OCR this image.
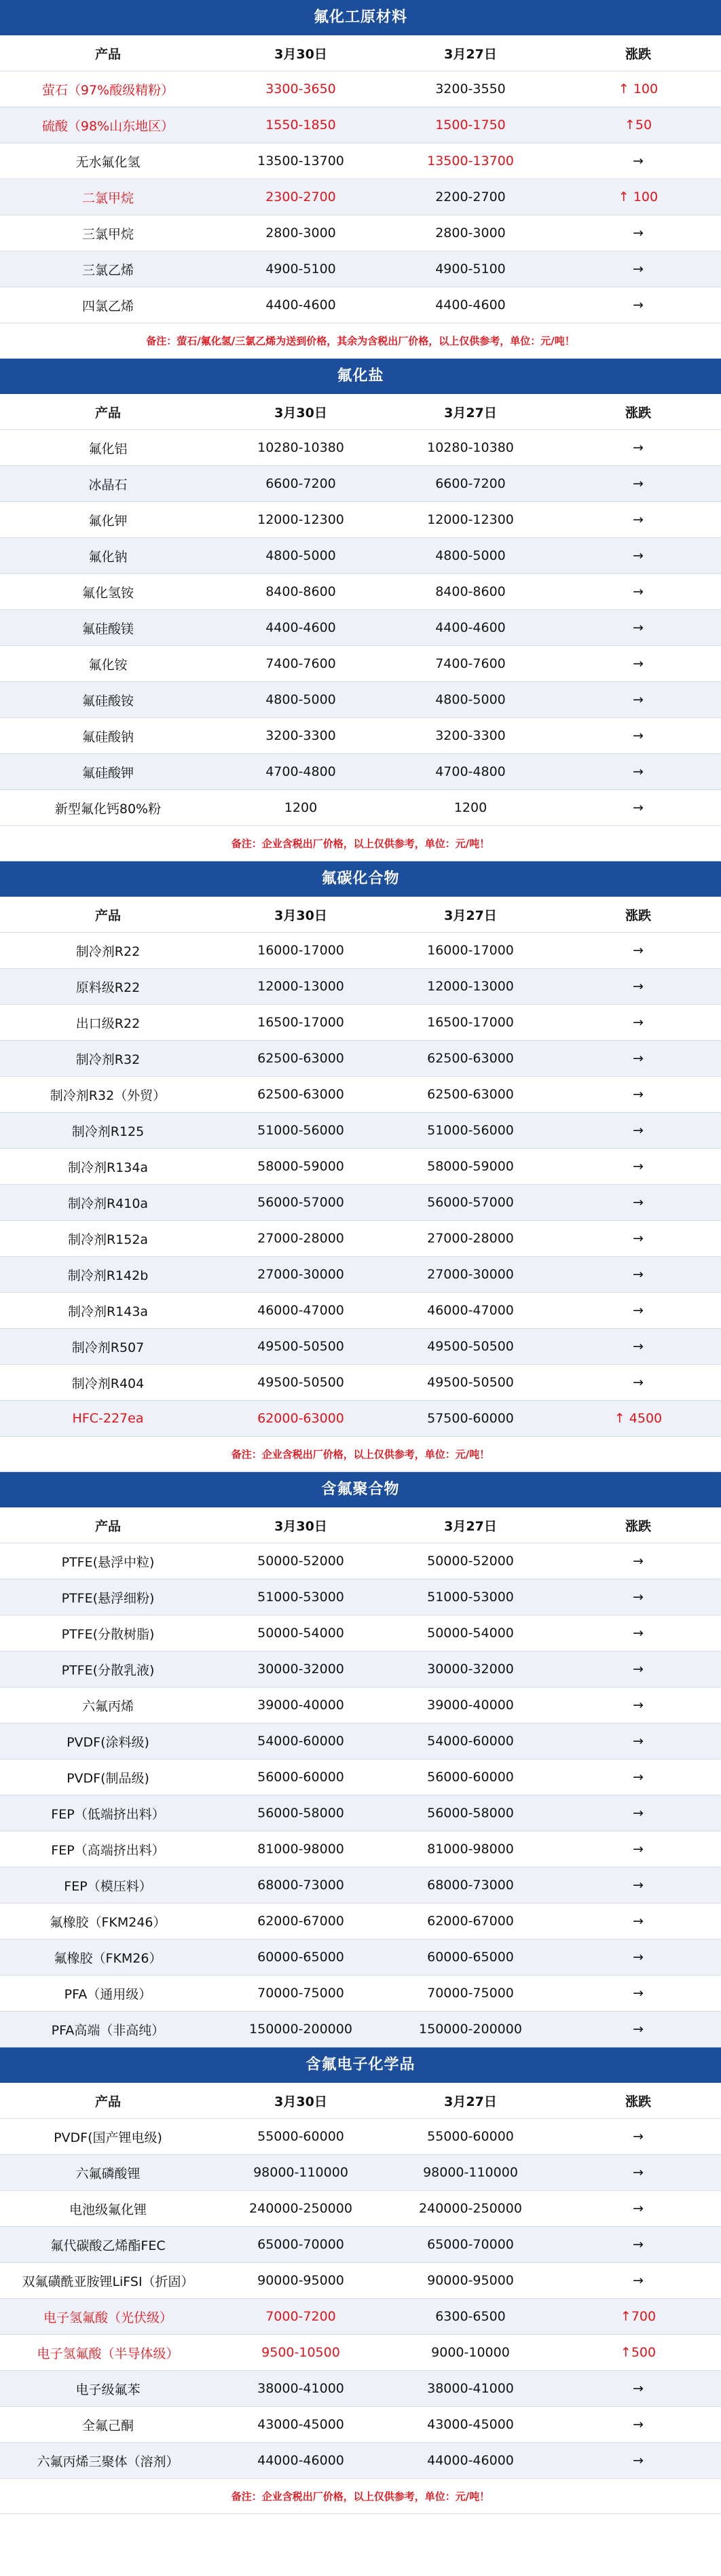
氟化工原材料
产品	3月30日	3月27日	涨跌
萤石（97%酸级精粉）	3300-3650	3200-3550	↑ 100
硫酸（98%山东地区）	1550-1850	1500-1750	↑50
无水氟化氢	13500-13700	13500-13700	→
二氯甲烷	2300-2700	2200-2700	↑ 100
三氯甲烷	2800-3000	2800-3000	→
三氯乙烯	4900-5100	4900-5100	→
四氯乙烯	4400-4600	4400-4600	→
备注：萤石/氟化氢/三氯乙烯为送到价格，其余为含税出厂价格，以上仅供参考，单位：元/吨！
氟化盐
产品	3月30日	3月27日	涨跌
氟化铝	10280-10380	10280-10380	→
冰晶石	6600-7200	6600-7200	→
氟化钾	12000-12300	12000-12300	→
氟化钠	4800-5000	4800-5000	→
氟化氢铵	8400-8600	8400-8600	→
氟硅酸镁	4400-4600	4400-4600	→
氟化铵	7400-7600	7400-7600	→
氟硅酸铵	4800-5000	4800-5000	→
氟硅酸钠	3200-3300	3200-3300	→
氟硅酸钾	4700-4800	4700-4800	→
新型氟化钙80%粉	1200	1200	→
备注：企业含税出厂价格，以上仅供参考，单位：元/吨！
氟碳化合物
产品	3月30日	3月27日	涨跌
制冷剂R22	16000-17000	16000-17000	→
原料级R22	12000-13000	12000-13000	→
出口级R22	16500-17000	16500-17000	→
制冷剂R32	62500-63000	62500-63000	→
制冷剂R32（外贸）	62500-63000	62500-63000	→
制冷剂R125	51000-56000	51000-56000	→
制冷剂R134a	58000-59000	58000-59000	→
制冷剂R410a	56000-57000	56000-57000	→
制冷剂R152a	27000-28000	27000-28000	→
制冷剂R142b	27000-30000	27000-30000	→
制冷剂R143a	46000-47000	46000-47000	→
制冷剂R507	49500-50500	49500-50500	→
制冷剂R404	49500-50500	49500-50500	→
HFC-227ea	62000-63000	57500-60000	↑ 4500
备注：企业含税出厂价格，以上仅供参考，单位：元/吨！
含氟聚合物
产品	3月30日	3月27日	涨跌
PTFE(悬浮中粒)	50000-52000	50000-52000	→
PTFE(悬浮细粉)	51000-53000	51000-53000	→
PTFE(分散树脂)	50000-54000	50000-54000	→
PTFE(分散乳液)	30000-32000	30000-32000	→
六氟丙烯	39000-40000	39000-40000	→
PVDF(涂料级)	54000-60000	54000-60000	→
PVDF(制品级)	56000-60000	56000-60000	→
FEP（低端挤出料）	56000-58000	56000-58000	→
FEP（高端挤出料）	81000-98000	81000-98000	→
FEP（模压料）	68000-73000	68000-73000	→
氟橡胶（FKM246）	62000-67000	62000-67000	→
氟橡胶（FKM26）	60000-65000	60000-65000	→
PFA（通用级）	70000-75000	70000-75000	→
PFA高端（非高纯）	150000-200000	150000-200000	→
含氟电子化学品
产品	3月30日	3月27日	涨跌
PVDF(国产锂电级)	55000-60000	55000-60000	→
六氟磷酸锂	98000-110000	98000-110000	→
电池级氟化锂	240000-250000	240000-250000	→
氟代碳酸乙烯酯FEC	65000-70000	65000-70000	→
双氟磺酰亚胺锂LiFSI（折固）	90000-95000	90000-95000	→
电子氢氟酸（光伏级）	7000-7200	6300-6500	↑700
电子氢氟酸（半导体级）	9500-10500	9000-10000	↑500
电子级氟苯	38000-41000	38000-41000	→
全氟己酮	43000-45000	43000-45000	→
六氟丙烯三聚体（溶剂）	44000-46000	44000-46000	→
备注：企业含税出厂价格，以上仅供参考，单位：元/吨！
